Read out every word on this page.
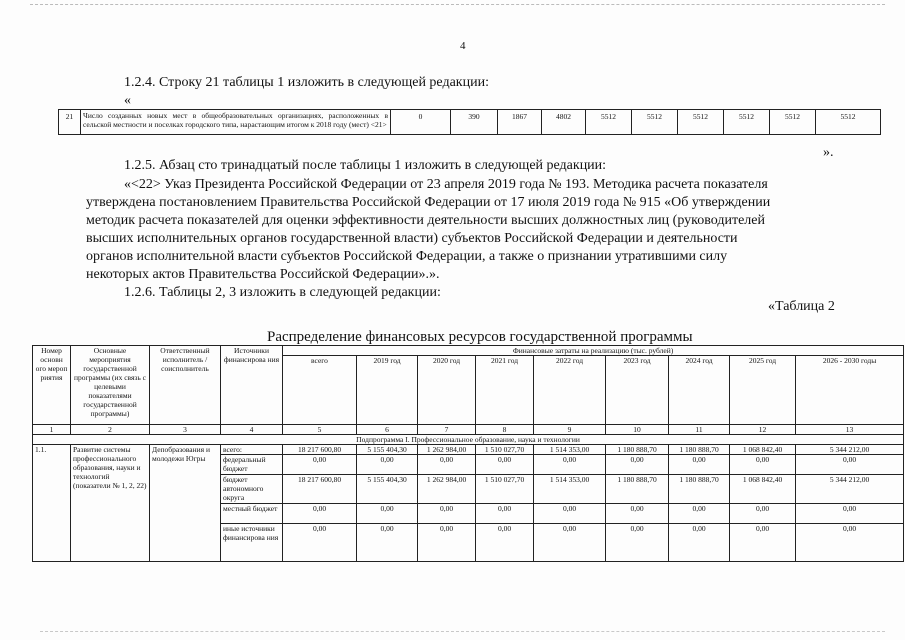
4
1.2.4. Строку 21 таблицы 1 изложить в следующей редакции:
«
21	Число созданных новых мест в общеобразовательных организациях, расположенных в сельской местности и поселках городского типа, нарастающим итогом к 2018 году (мест) <21>	0	390	1867	4802	5512	5512	5512	5512	5512	5512
».
1.2.5. Абзац сто тринадцатый после таблицы 1 изложить в следующей редакции:
«<22> Указ Президента Российской Федерации от 23 апреля 2019 года № 193. Методика расчета показателя
утверждена постановлением Правительства Российской Федерации от 17 июля 2019 года № 915 «Об утверждении
методик расчета показателей для оценки эффективности деятельности высших должностных лиц (руководителей
высших исполнительных органов государственной власти) субъектов Российской Федерации и деятельности
органов исполнительной власти субъектов Российской Федерации, а также о признании утратившими силу
некоторых актов Правительства Российской Федерации».».
1.2.6. Таблицы 2, 3 изложить в следующей редакции:
«Таблица 2
Распределение финансовых ресурсов государственной программы
Номер основн ого мероп риятия	Основные мероприятия государственной программы (их связь с целевыми показателями государственной программы)	Ответственный исполнитель / соисполнитель	Источники финансирова ния	Финансовые затраты на реализацию (тыс. рублей)								
				всего	2019 год	2020 год	2021 год	2022 год	2023 год	2024 год	2025 год	2026 - 2030 годы
1	2	3	4	5	6	7	8	9	10	11	12	13
Подпрограмма I. Профессиональное образование, наука и технологии												
1.1.	Развитие системы профессионального образования, науки и технологий (показатели № 1, 2, 22)	Депобразования и молодежи Югры	всего:	18 217 600,80	5 155 404,30	1 262 984,00	1 510 027,70	1 514 353,00	1 180 888,70	1 180 888,70	1 068 842,40	5 344 212,00
			федеральный бюджет	0,00	0,00	0,00	0,00	0,00	0,00	0,00	0,00	0,00
			бюджет автономного округа	18 217 600,80	5 155 404,30	1 262 984,00	1 510 027,70	1 514 353,00	1 180 888,70	1 180 888,70	1 068 842,40	5 344 212,00
			местный бюджет	0,00	0,00	0,00	0,00	0,00	0,00	0,00	0,00	0,00
			иные источники финансирова ния	0,00	0,00	0,00	0,00	0,00	0,00	0,00	0,00	0,00
